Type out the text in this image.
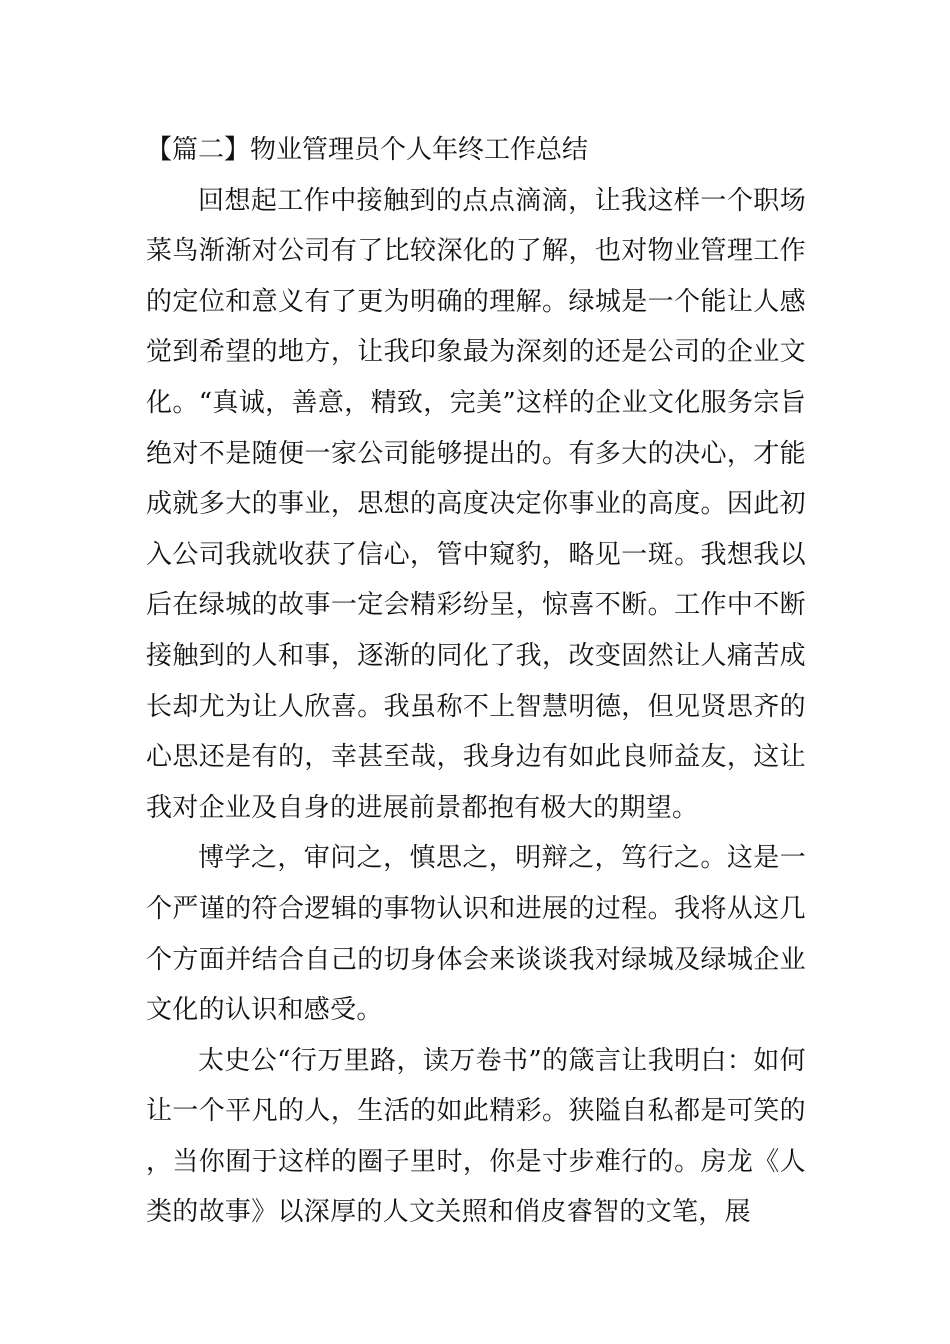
【篇二】物业管理员个人年终工作总结

回想起工作中接触到的点点滴滴，让我这样一个职场菜鸟渐渐对公司有了比较深化的了解，也对物业管理工作的定位和意义有了更为明确的理解。绿城是一个能让人感觉到希望的地方，让我印象最为深刻的还是公司的企业文化。“真诚，善意，精致，完美”这样的企业文化服务宗旨绝对不是随便一家公司能够提出的。有多大的决心，才能成就多大的事业，思想的高度决定你事业的高度。因此初入公司我就收获了信心，管中窥豹，略见一斑。我想我以后在绿城的故事一定会精彩纷呈，惊喜不断。工作中不断接触到的人和事，逐渐的同化了我，改变固然让人痛苦成长却尤为让人欣喜。我虽称不上智慧明德，但见贤思齐的心思还是有的，幸甚至哉，我身边有如此良师益友，这让我对企业及自身的进展前景都抱有极大的期望。

博学之，审问之，慎思之，明辩之，笃行之。这是一个严谨的符合逻辑的事物认识和进展的过程。我将从这几个方面并结合自己的切身体会来谈谈我对绿城及绿城企业文化的认识和感受。

太史公“行万里路，读万卷书”的箴言让我明白：如何让一个平凡的人，生活的如此精彩。狭隘自私都是可笑的，当你囿于这样的圈子里时，你是寸步难行的。房龙《人类的故事》以深厚的人文关照和俏皮睿智的文笔，展
